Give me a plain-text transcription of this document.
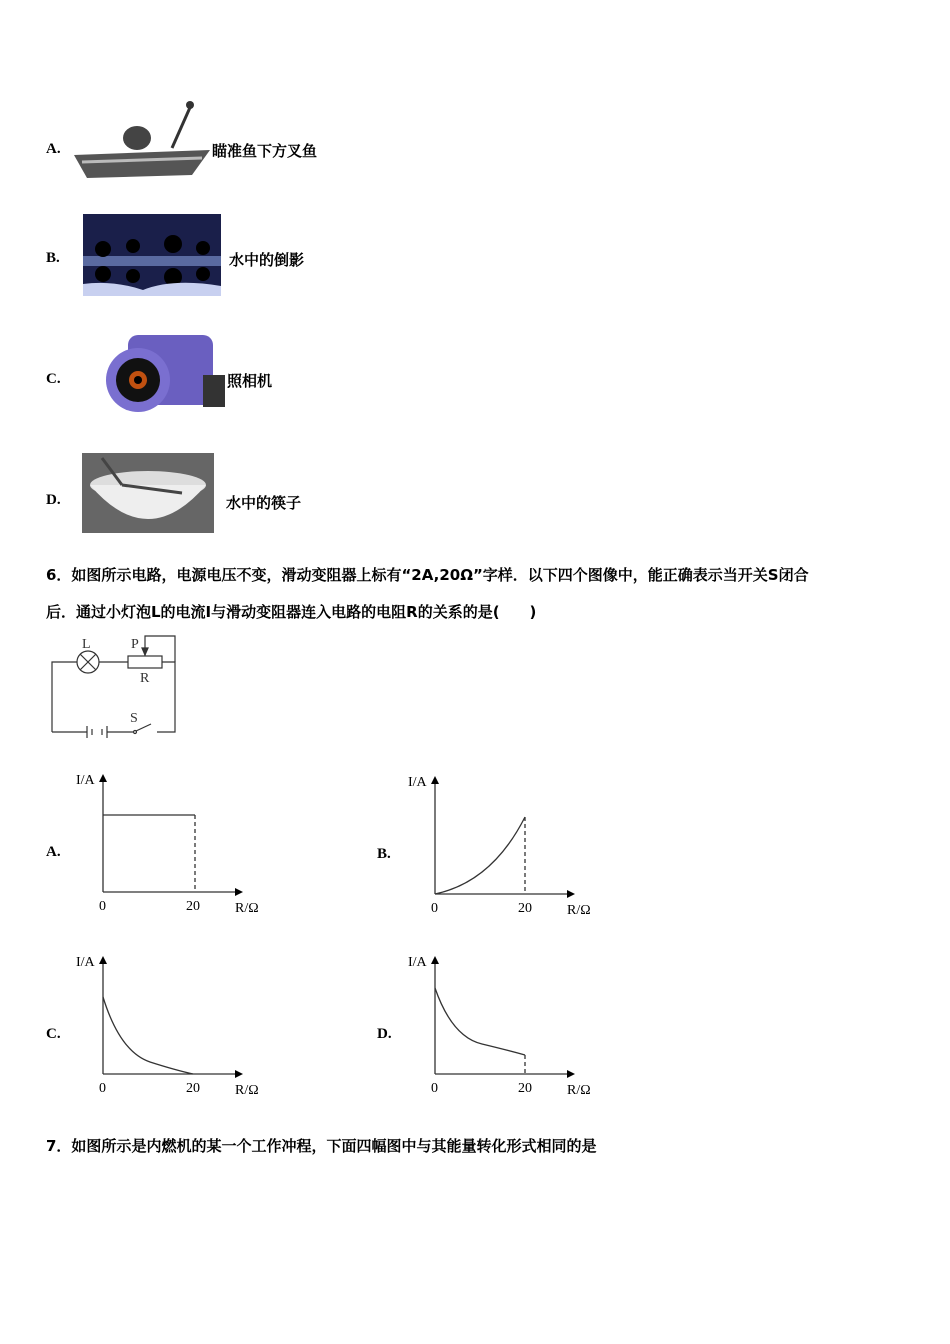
A.	瞄准鱼下方叉鱼
B.	水中的倒影
C.	照相机
D.	水中的筷子
6．如图所示电路，电源电压不变，滑动变阻器上标有“2A,20Ω”字样．以下四个图像中，能正确表示当开关S闭合
后．通过小灯泡L的电流I与滑动变阻器连入电路的电阻R的关系的是(　　)
L	P
R
S
A.
I/A
0	20	R/Ω
B.
I/A
0	20	R/Ω
C.
I/A
0	20	R/Ω
D.
I/A
0	20	R/Ω
7．如图所示是内燃机的某一个工作冲程，下面四幅图中与其能量转化形式相同的是
